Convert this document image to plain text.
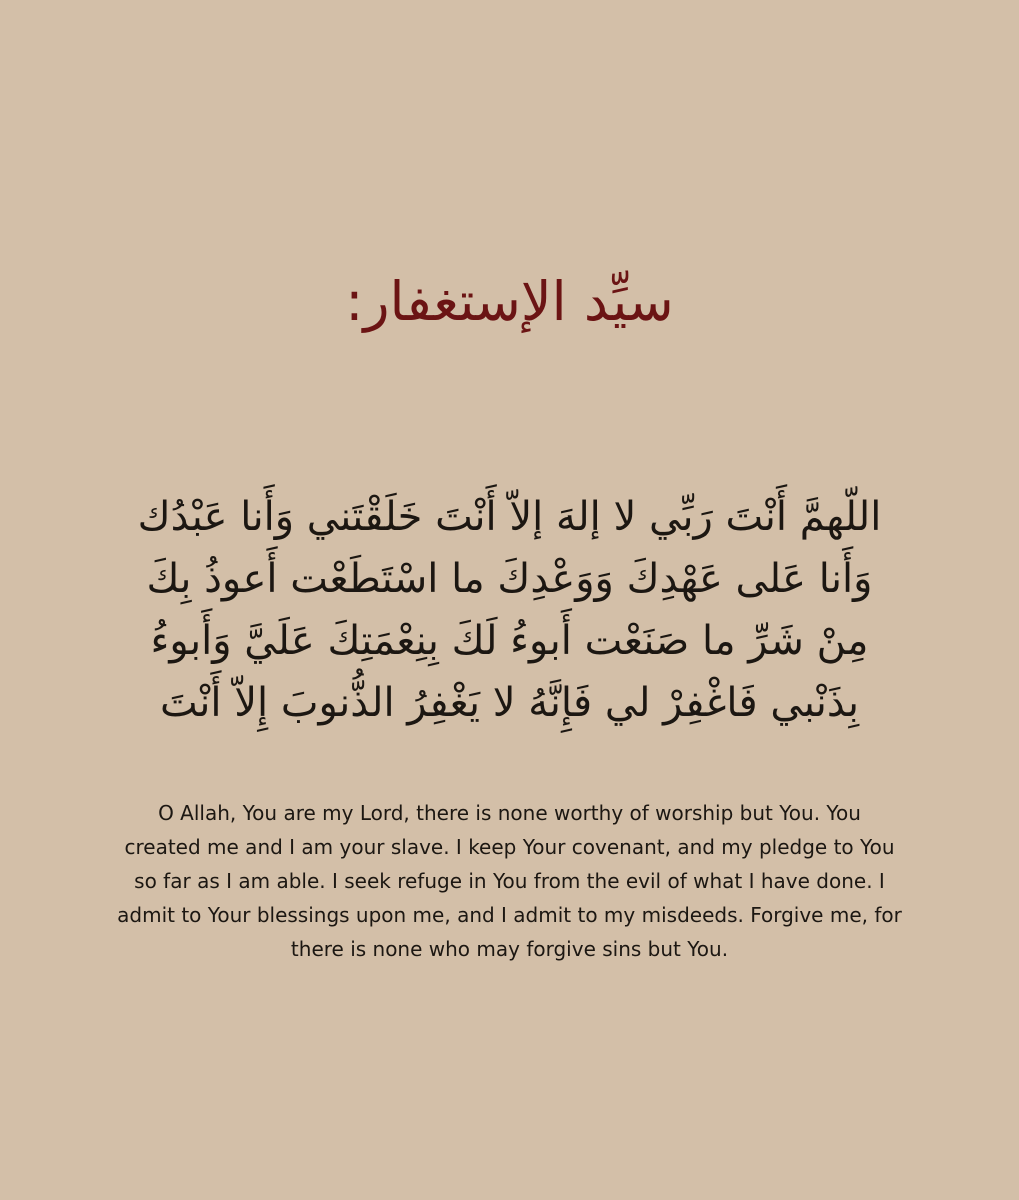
سيِّد الإستغفار:
اللّهمَّ أَنْتَ رَبِّي لا إلهَ إلاّ أَنْتَ خَلَقْتَني وَأَنا عَبْدُك
وَأَنا عَلى عَهْدِكَ وَوَعْدِكَ ما اسْتَطَعْت أَعوذُ بِكَ
مِنْ شَرِّ ما صَنَعْت أَبوءُ لَكَ بِنِعْمَتِكَ عَلَيَّ وَأَبوءُ
بِذَنْبي فَاغْفِرْ لي فَإِنَّهُ لا يَغْفِرُ الذُّنوبَ إِلاّ أَنْتَ
O Allah, You are my Lord, there is none worthy of worship but You. You
created me and I am your slave. I keep Your covenant, and my pledge to You
so far as I am able. I seek refuge in You from the evil of what I have done. I
admit to Your blessings upon me, and I admit to my misdeeds. Forgive me, for
there is none who may forgive sins but You.
